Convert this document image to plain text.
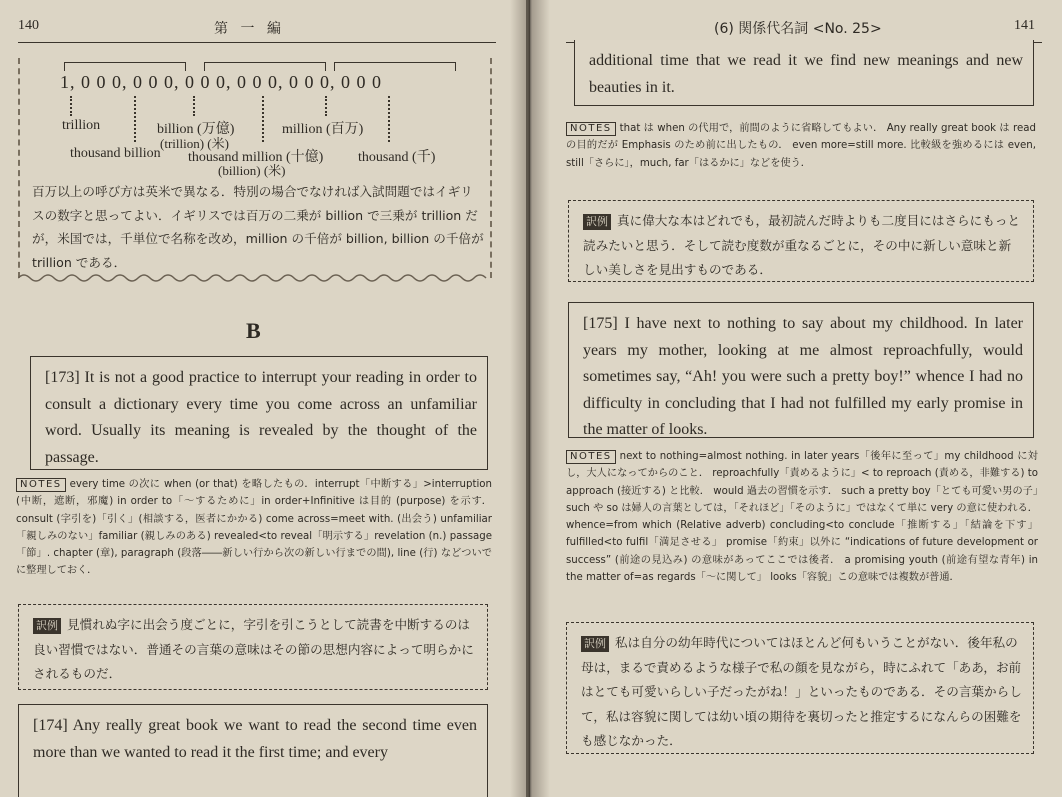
140	第 一 編
1, 0 0 0, 0 0 0, 0 0 0, 0 0 0, 0 0 0, 0 0 0
trillion	billion (万億)
(trillion) (米)
million (百万)
thousand billion thousand million (十億)
(billion) (米)
thousand (千)
百万以上の呼び方は英米で異なる．特別の場合でなければ入試問題ではイギリスの数字と思ってよい．イギリスでは百万の二乗が billion で三乗が trillion だが，米国では，千単位で名称を改め，million の千倍が billion, billion の千倍が trillion である．
B
[173] It is not a good practice to interrupt your reading in order to consult a dictionary every time you come across an unfamiliar word. Usually its meaning is revealed by the thought of the passage.
NOTES every time の次に when (or that) を略したもの．interrupt「中断する」>interruption (中断，遮断，邪魔) in order to「～するために」in order+Infinitive は目的 (purpose) を示す． consult (字引を)「引く」(相談する，医者にかかる) come across=meet with. (出会う) unfamiliar「親しみのない」familiar (親しみのある) revealed<to reveal「明示する」revelation (n.) passage「節」. chapter (章), paragraph (段落――新しい行から次の新しい行までの間), line (行) などついでに整理しておく．
訳例 見慣れぬ字に出会う度ごとに，字引を引こうとして読書を中断するのは良い習慣ではない．普通その言葉の意味はその節の思想内容によって明らかにされるものだ．
[174] Any really great book we want to read the second time even more than we wanted to read it the first time; and every
(6) 関係代名詞 <No. 25>	141
additional time that we read it we find new meanings and new beauties in it.
NOTES that は when の代用で，前間のように省略してもよい． Any really great book は read の目的だが Emphasis のため前に出したもの． even more=still more. 比較級を強めるには even, still「さらに」，much, far「はるかに」などを使う．
訳例 真に偉大な本はどれでも，最初読んだ時よりも二度目にはさらにもっと読みたいと思う．そして読む度数が重なるごとに，その中に新しい意味と新しい美しさを見出すものである．
[175] I have next to nothing to say about my childhood. In later years my mother, looking at me almost reproachfully, would sometimes say, “Ah! you were such a pretty boy!” whence I had no difficulty in concluding that I had not fulfilled my early promise in the matter of looks.
NOTES next to nothing=almost nothing. in later years「後年に至って」my childhood に対し，大人になってからのこと． reproachfully「責めるように」< to reproach (責める，非難する) to approach (接近する) と比較． would 過去の習慣を示す． such a pretty boy「とても可愛い男の子」such や so は婦人の言葉としては，「それほど」「そのように」ではなくて単に very の意に使われる． whence=from which (Relative adverb) concluding<to conclude「推断する」「結論を下す」 fulfilled<to fulfil「満足させる」 promise「約束」以外に “indications of future development or success” (前途の見込み) の意味があってここでは後者． a promising youth (前途有望な青年) in the matter of=as regards「～に関して」 looks「容貌」この意味では複数が普通．
訳例 私は自分の幼年時代についてはほとんど何もいうことがない．後年私の母は，まるで責めるような様子で私の顔を見ながら，時にふれて「ああ，お前はとても可愛いらしい子だったがね！」といったものである．その言葉からして，私は容貌に関しては幼い頃の期待を裏切ったと推定するになんらの困難をも感じなかった．
